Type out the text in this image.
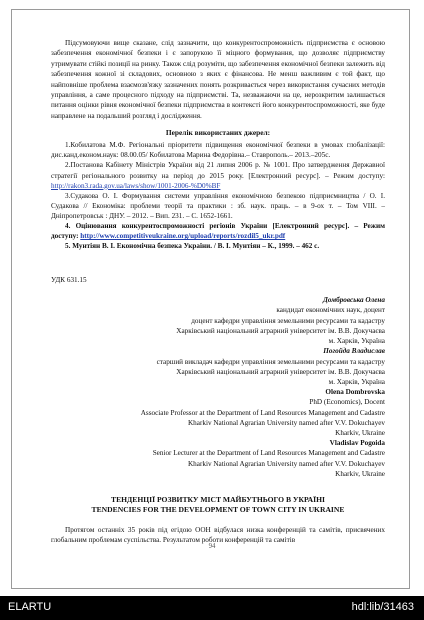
Підсумовуючи вище сказане, слід зазначити, що конкурентоспроможність підприємства є основою забезпечення економічної безпеки і є запорукою її міцного формування, що дозволяє підприємству утримувати стійкі позиції на ринку. Також слід розуміти, що забезпечення економічної безпеки залежить від забезпечення кожної зі складових, основною з яких є фінансова. Не менш важливим є той факт, що найповніше проблема взаємозв'язку зазначених понять розкривається через використання сучасних методів управління, а саме процесного підходу на підприємстві. Та, незважаючи на це, нерозкритим залишається питання оцінки рівня економічної безпеки підприємства в контексті його конкурентоспроможності, яке буде направлене на подальший розгляд і дослідження.

Перелік використаних джерел:

1.Кобилатова М.Ф. Регіональні пріоритети підвищення економічної безпеки в умовах глобалізації: дис.канд.економ.наук: 08.00.05/ Кобилатова Марина Федорівна.– Ставрополь.– 2013.–205с.

2.Постанова Кабінету Міністрів України від 21 липня 2006 р. № 1001. Про затвердження Державної стратегії регіонального розвитку на період до 2015 року. [Електронний ресурс]. – Режим доступу: http://rakon3.rada.gov.ua/laws/show/1001-2006-%D0%BF

3.Судакова О. І. Формування системи управління економічною безпекою підприємництва / О. І. Судакова // Економіка: проблеми теорії та практики : зб. наук. праць. – в 9-ох т. – Том VIII. – Дніпропетровськ : ДНУ. – 2012. – Вип. 231. – С. 1652-1661.

4. Оцінювання конкурентоспроможності регіонів України [Електронний ресурс]. – Режим доступу: http://www.competitiveukraine.org/upload/reports/rozdil5_ukr.pdf

5. Мунтіян В. І. Економічна безпека України. / В. І. Мунтіян – К., 1999. – 462 с.

УДК 631.15

Домбровська Олена

кандидат економічних наук, доцент

доцент кафедри управління земельними ресурсами та кадастру

Харківський національний аграрний університет ім. В.В. Докучаєва

м. Харків, Україна

Погойда Владислав

старший викладач кафедри управління земельними ресурсами та кадастру

Харківський національний аграрний університет ім. В.В. Докучаєва

м. Харків, Україна

Olena Dombrovska

PhD (Economics), Docent

Associate Professor at the Department of Land Resources Management and Cadastre

Kharkiv National Agrarian University named after V.V. Dokuchayev

Kharkiv, Ukraine

Vladislav Pogoida

Senior Lecturer at the Department of Land Resources Management and Cadastre

Kharkiv National Agrarian University named after V.V. Dokuchayev

Kharkiv, Ukraine

ТЕНДЕНЦІЇ РОЗВИТКУ МІСТ МАЙБУТНЬОГО В УКРАЇНІ
TENDENCIES FOR THE DEVELOPMENT OF TOWN CITY IN UKRAINE

Протягом останніх 35 років під егідою ООН відбулася низка конференцій та самітів, присвячених глобальним проблемам суспільства. Результатом роботи конференцій та самітів

94
ELARTU	hdl:lib/31463
